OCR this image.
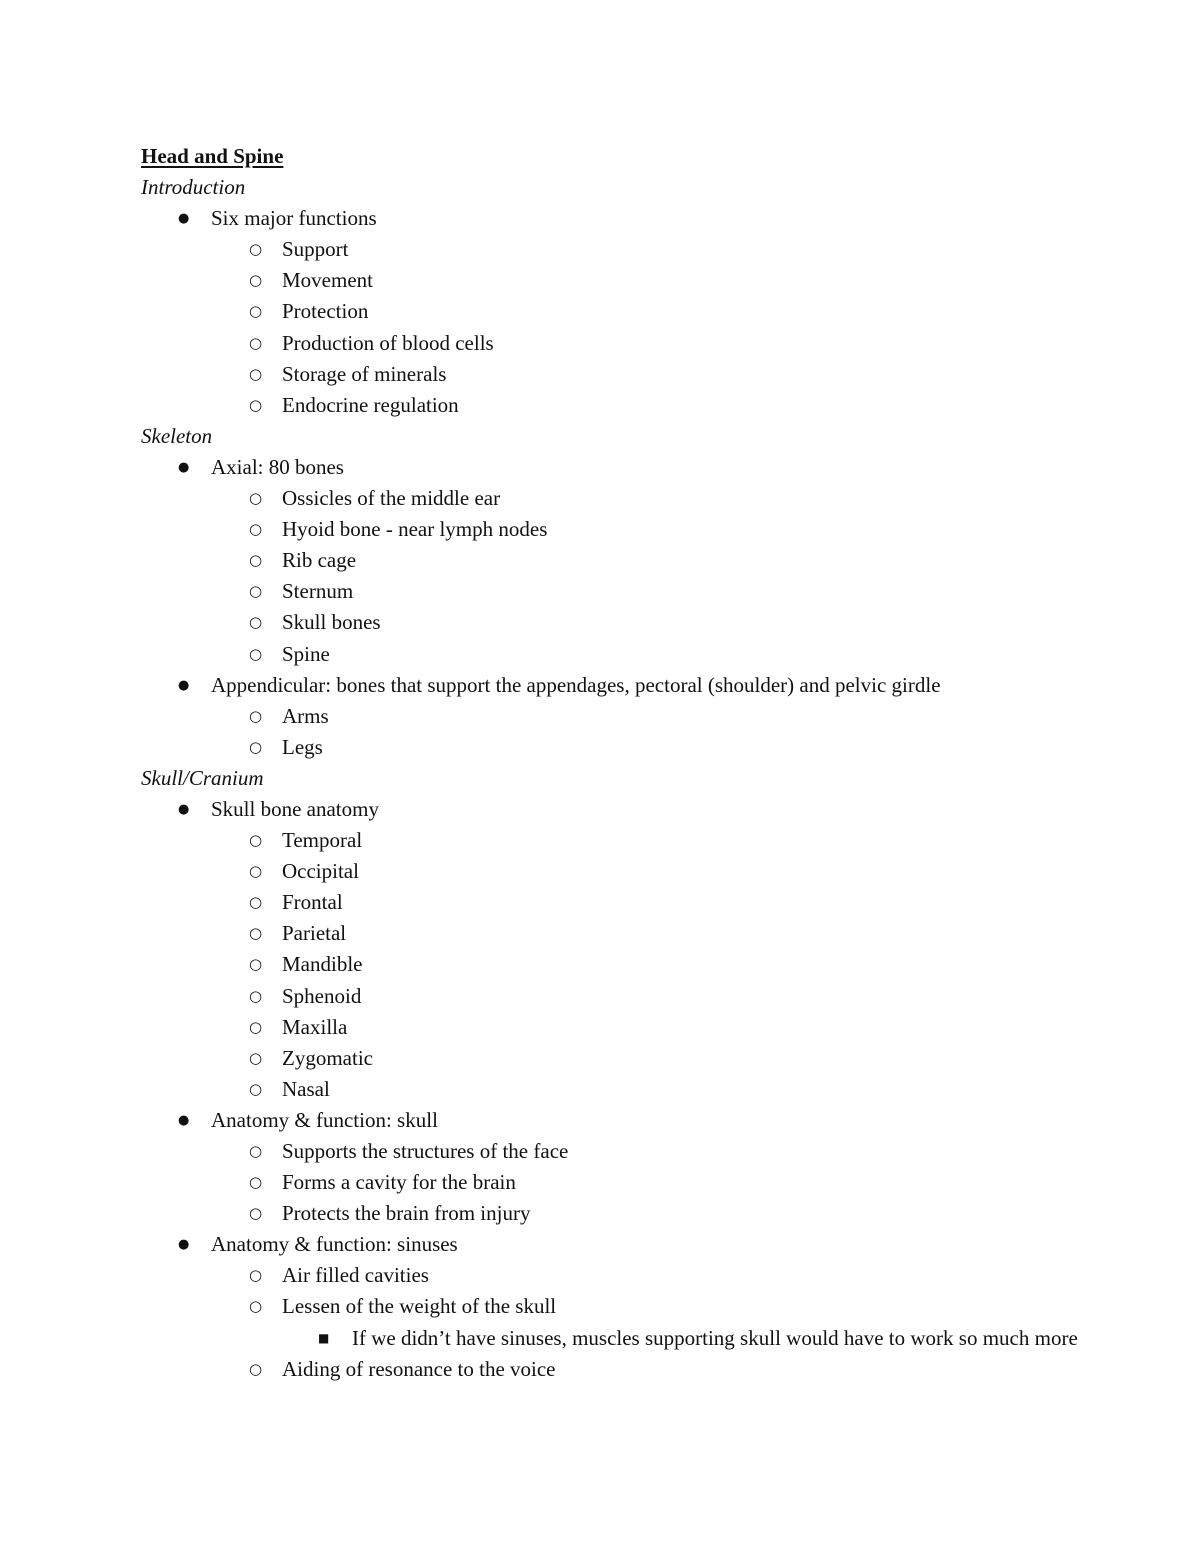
Head and Spine
Introduction
● Six major functions
○ Support
○ Movement
○ Protection
○ Production of blood cells
○ Storage of minerals
○ Endocrine regulation
Skeleton
● Axial: 80 bones
○ Ossicles of the middle ear
○ Hyoid bone - near lymph nodes
○ Rib cage
○ Sternum
○ Skull bones
○ Spine
● Appendicular: bones that support the appendages, pectoral (shoulder) and pelvic girdle
○ Arms
○ Legs
Skull/Cranium
● Skull bone anatomy
○ Temporal
○ Occipital
○ Frontal
○ Parietal
○ Mandible
○ Sphenoid
○ Maxilla
○ Zygomatic
○ Nasal
● Anatomy & function: skull
○ Supports the structures of the face
○ Forms a cavity for the brain
○ Protects the brain from injury
● Anatomy & function: sinuses
○ Air filled cavities
○ Lessen of the weight of the skull
■ If we didn’t have sinuses, muscles supporting skull would have to work so much more
○ Aiding of resonance to the voice
